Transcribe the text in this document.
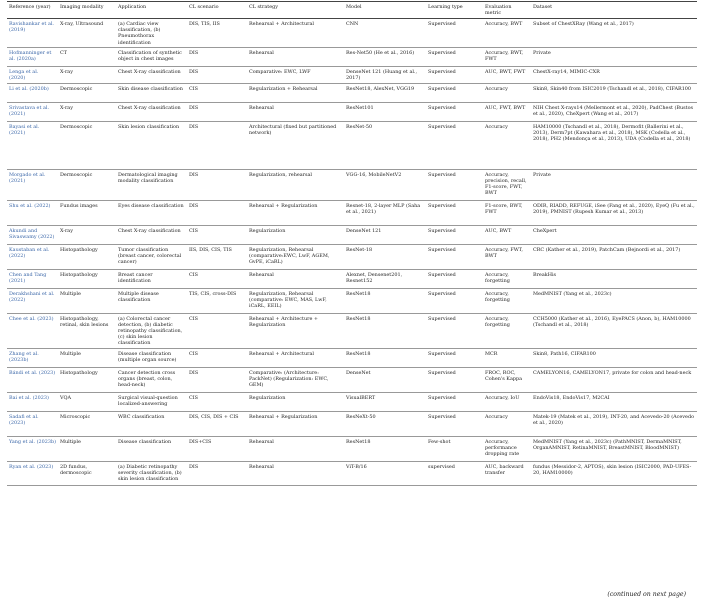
Reference (year)	Imaging modality	Application	CL scenario	CL strategy	Model	Learning type	Evaluation metric	Dataset
Ravishankar et al. (2019)	X-ray, Ultrasound	(a) Cardiac view classification, (b) Pneumothorax identification	DIS, TIS, IIS	Rehearsal + Architectural	CNN	Supervised	Accuracy, BWT	Subset of ChestXRay (Wang et al., 2017)
Hofmanninger et al. (2020a)	CT	Classification of synthetic object in chest images	DIS	Rehearsal	Res-Net50 (He et al., 2016)	Supervised	Accuracy, BWT, FWT	Private
Lenga et al. (2020)	X-ray	Chest X-ray classification	DIS	Comparative: EWC, LWF	DenseNet 121 (Huang et al., 2017)	Supervised	AUC, BWT, FWT	ChestX-ray14, MIMIC-CXR
Li et al. (2020b)	Dermoscopic	Skin disease classification	CIS	Regularization + Rehearsal	ResNet18, AlexNet, VGG19	Supervised	Accuracy	Skin8, Skin40 from ISIC2019 (Tschandl et al., 2018), CIFAR100
Srivastava et al. (2021)	X-ray	Chest X-ray classification	DIS	Rehearsal	ResNet101	Supervised	AUC, FWT, BWT	NIH Chest X-rays14 (Mellermont et al., 2020), PadChest (Bustos et al., 2020), CheXpert (Wang et al., 2017)
Bayasi et al. (2021)	Dermoscopic	Skin lesion classification	DIS	Architectural (fixed but partitioned network)	ResNet-50	Supervised	Accuracy	HAM10000 (Tschandl et al., 2018), Dermofit (Ballerini et al., 2013), Derm7pt (Kawahara et al., 2018), MSK (Codella et al., 2018), PH2 (Mendonça et al., 2013), UDA (Codella et al., 2018)
Morgado et al. (2021)	Dermoscopic	Dermatological imaging modality classification	DIS	Regularization, rehearsal	VGG-16, MobileNetV2	Supervised	Accuracy, precision, recall, F1-score, FWT, BWT	Private
Shu et al. (2022)	Fundus images	Eyes disease classification	DIS	Rehearsal + Regularization	Resnet-18, 2-layer MLP (Saha et al., 2021)	Supervised	F1-score, BWT, FWT	ODIR, RIADD, REFUGE, iSee (Fang et al., 2020), EyeQ (Fu et al., 2019), PMNIST (Rupesh Kumar et al., 2013)
Akundi and Sivaswamy (2022)	X-ray	Chest X-ray classification	CIS	Regularization	DenseNet 121	Supervised	AUC, BWT	CheXpert
Kaustaban et al. (2022)	Histopathology	Tumor classification (breast cancer, colorectal cancer)	IIS, DIS, CIS, TIS	Regularization, Rehearsal (comparative:EWC, LwF, AGEM, GvPE, iCaRL)	ResNet-18	Supervised	Accuracy, FWT, BWT	CRC (Kather et al., 2019), PatchCam (Bejnordi et al., 2017)
Chen and Tang (2021)	Histopathology	Breast cancer identification	CIS	Rehearsal	Alexnet, Densenet201, Resnet152	Supervised	Accuracy, forgetting	BreakHis
Derakhshani et al. (2022)	Multiple	Multiple disease classification	TIS, CIS, cross-DIS	Regularization, Rehearsal (comparative: EWC, MAS, LwF, iCaRL, EEIL)	ResNet18	Supervised	Accuracy, forgetting	MedMNIST (Yang et al., 2023c)
Chee et al. (2023)	Histopathology, retinal, skin lesions	(a) Colorectal cancer detection, (b) diabetic retinopathy classification, (c) skin lesion classification	CIS	Rehearsal + Architecture + Regularization	ResNet18	Supervised	Accuracy, forgetting	CCH5000 (Kather et al., 2016), EyePACS (Anon, b), HAM10000 (Tschandl et al., 2018)
Zhang et al. (2023b)	Multiple	Disease classification (multiple organ source)	CIS	Rehearsal + Architectural	ResNet18	Supervised	MCR	Skin8, Path16, CIFAR100
Bándi et al. (2023)	Histopathology	Cancer detection cross organs (breast, colon, head-neck)	DIS	Comparative: (Architecture: PackNet) (Regularization: EWC, GEM)	DenseNet	Supervised	FROC, ROC, Cohen's Kappa	CAMELYON16, CAMELYON17, private for colon and head-neck
Bai et al. (2023)	VQA	Surgical visual-question localized-answering	CIS	Regularization	VisualBERT	Supervised	Accuracy, IoU	EndoVis18, EndoVis17, M2CAI
Sadafi et al. (2023)	Microscopic	WBC classification	DIS, CIS, DIS + CIS	Rehearsal + Regularization	ResNeXt-50	Supervised	Accuracy	Matek-19 (Matek et al., 2019), INT-20, and Acevedo-20 (Acevedo et al., 2020)
Yang et al. (2023b)	Multiple	Disease classification	DIS+CIS	Rehearsal	ResNet18	Few-shot	Accuracy, performance dropping rate	MedMNIST (Yang et al., 2023c) (PathMNIST, DermaMNIST, OrganAMNIST, RetinaMNIST, BreastMNIST, BloodMNIST)
Ryan et al. (2023)	2D fundus, dermoscopic	(a) Diabetic retinopathy severity classification, (b) skin lesion classification	DIS	Rehearsal	ViT-B/16	supervised	AUC, backward transfer	fundus (Messidor-2, APTOS), skin lesion (ISIC2000, PAD-UFES-20, HAM10000)
(continued on next page)
